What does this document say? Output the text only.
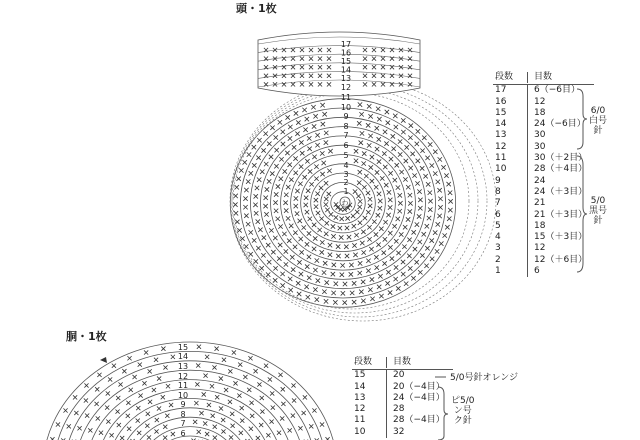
頭・1枚
胴・1枚
17
16
15
14
13
12
11
10
9
8
7
6
5
4
3
2
1
わ
段数	目数
17	6（−6目）
16	12
15	18
14	24（−6目）
13	30
12	30
11	30（＋2目）
10	28（＋4目）
9	24
8	24（＋3目）
7	21
6	21（＋3目）
5	18
4	15（＋3目）
3	12
2	12（＋6目）
1	6
6/0
白号
針
5/0
黒号
針
15
14
13
12
11
10
9
8
7
6
段数	目数
15	20
14	20（−4目）
13	24（−4目）
12	28
11	28（−4目）
10	32
5/0号針オレンジ
ピ5/0
ン号
ク針
